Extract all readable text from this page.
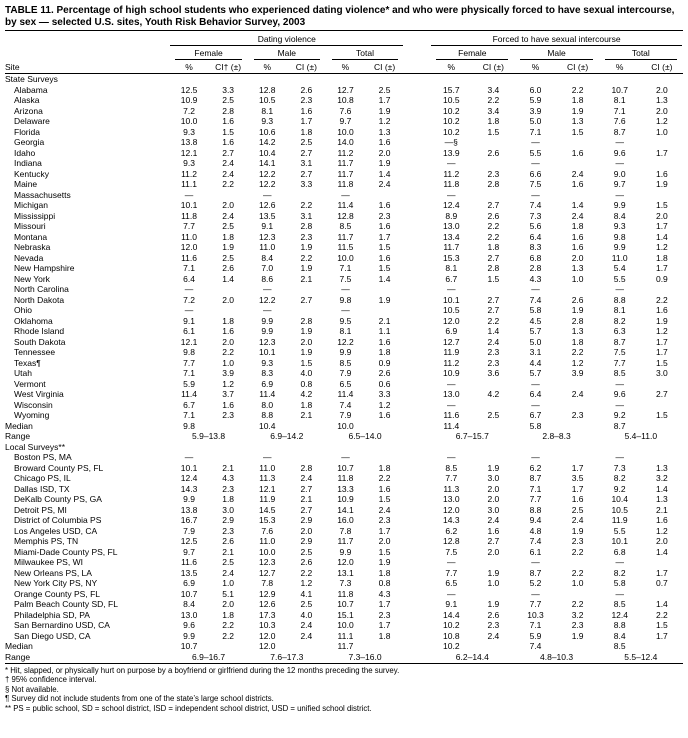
TABLE 11. Percentage of high school students who experienced dating violence* and who were physically forced to have sexual intercourse, by sex — selected U.S. sites, Youth Risk Behavior Survey, 2003
Site	Dating violence							Forced to have sexual intercourse					

	Female		Male		Total			Female		Male		Total	

	%	CI† (±)	%	CI (±)	%	CI (±)		%	CI (±)	%	CI (±)	%	CI (±)
State Surveys													
Alabama	12.5	3.3	12.8	2.6	12.7	2.5		15.7	3.4	6.0	2.2	10.7	2.0
Alaska	10.9	2.5	10.5	2.3	10.8	1.7		10.5	2.2	5.9	1.8	8.1	1.3
Arizona	7.2	2.8	8.1	1.6	7.6	1.9		10.2	3.4	3.9	1.9	7.1	2.0
Delaware	10.0	1.6	9.3	1.7	9.7	1.2		10.2	1.8	5.0	1.3	7.6	1.2
Florida	9.3	1.5	10.6	1.8	10.0	1.3		10.2	1.5	7.1	1.5	8.7	1.0
Georgia	13.8	1.6	14.2	2.5	14.0	1.6		—§		—		—	
Idaho	12.1	2.7	10.4	2.7	11.2	2.0		13.9	2.6	5.5	1.6	9.6	1.7
Indiana	9.3	2.4	14.1	3.1	11.7	1.9		—		—		—	
Kentucky	11.2	2.4	12.2	2.7	11.7	1.4		11.2	2.3	6.6	2.4	9.0	1.6
Maine	11.1	2.2	12.2	3.3	11.8	2.4		11.8	2.8	7.5	1.6	9.7	1.9
Massachusetts	—		—		—			—		—		—	
Michigan	10.1	2.0	12.6	2.2	11.4	1.6		12.4	2.7	7.4	1.4	9.9	1.5
Mississippi	11.8	2.4	13.5	3.1	12.8	2.3		8.9	2.6	7.3	2.4	8.4	2.0
Missouri	7.7	2.5	9.1	2.8	8.5	1.6		13.0	2.2	5.6	1.8	9.3	1.7
Montana	11.0	1.8	12.3	2.3	11.7	1.7		13.4	2.2	6.4	1.6	9.8	1.4
Nebraska	12.0	1.9	11.0	1.9	11.5	1.5		11.7	1.8	8.3	1.6	9.9	1.2
Nevada	11.6	2.5	8.4	2.2	10.0	1.6		15.3	2.7	6.8	2.0	11.0	1.8
New Hampshire	7.1	2.6	7.0	1.9	7.1	1.5		8.1	2.8	2.8	1.3	5.4	1.7
New York	6.4	1.4	8.6	2.1	7.5	1.4		6.7	1.5	4.3	1.0	5.5	0.9
North Carolina	—		—		—			—		—		—	
North Dakota	7.2	2.0	12.2	2.7	9.8	1.9		10.1	2.7	7.4	2.6	8.8	2.2
Ohio	—		—		—			10.5	2.7	5.8	1.9	8.1	1.6
Oklahoma	9.1	1.8	9.9	2.8	9.5	2.1		12.0	2.2	4.5	2.8	8.2	1.9
Rhode Island	6.1	1.6	9.9	1.9	8.1	1.1		6.9	1.4	5.7	1.3	6.3	1.2
South Dakota	12.1	2.0	12.3	2.0	12.2	1.6		12.7	2.4	5.0	1.8	8.7	1.7
Tennessee	9.8	2.2	10.1	1.9	9.9	1.8		11.9	2.3	3.1	2.2	7.5	1.7
Texas¶	7.7	1.0	9.3	1.5	8.5	0.9		11.2	2.3	4.4	1.2	7.7	1.5
Utah	7.1	3.9	8.3	4.0	7.9	2.6		10.9	3.6	5.7	3.9	8.5	3.0
Vermont	5.9	1.2	6.9	0.8	6.5	0.6		—		—		—	
West Virginia	11.4	3.7	11.4	4.2	11.4	3.3		13.0	4.2	6.4	2.4	9.6	2.7
Wisconsin	6.7	1.6	8.0	1.8	7.4	1.2		—		—		—	
Wyoming	7.1	2.3	8.8	2.1	7.9	1.6		11.6	2.5	6.7	2.3	9.2	1.5
Median	9.8		10.4		10.0			11.4		5.8		8.7	
Range	5.9–13.8		6.9–14.2		6.5–14.0			6.7–15.7		2.8–8.3		5.4–11.0	
Local Surveys**													
Boston PS, MA	—		—		—			—		—		—	
Broward County PS, FL	10.1	2.1	11.0	2.8	10.7	1.8		8.5	1.9	6.2	1.7	7.3	1.3
Chicago PS, IL	12.4	4.3	11.3	2.4	11.8	2.2		7.7	3.0	8.7	3.5	8.2	3.2
Dallas ISD, TX	14.3	2.3	12.1	2.7	13.3	1.6		11.3	2.0	7.1	1.7	9.2	1.4
DeKalb County PS, GA	9.9	1.8	11.9	2.1	10.9	1.5		13.0	2.0	7.7	1.6	10.4	1.3
Detroit PS, MI	13.8	3.0	14.5	2.7	14.1	2.4		12.0	3.0	8.8	2.5	10.5	2.1
District of Columbia PS	16.7	2.9	15.3	2.9	16.0	2.3		14.3	2.4	9.4	2.4	11.9	1.6
Los Angeles USD, CA	7.9	2.3	7.6	2.0	7.8	1.7		6.2	1.6	4.8	1.9	5.5	1.2
Memphis PS, TN	12.5	2.6	11.0	2.9	11.7	2.0		12.8	2.7	7.4	2.3	10.1	2.0
Miami-Dade County PS, FL	9.7	2.1	10.0	2.5	9.9	1.5		7.5	2.0	6.1	2.2	6.8	1.4
Milwaukee PS, WI	11.6	2.5	12.3	2.6	12.0	1.9		—		—		—	
New Orleans PS, LA	13.5	2.4	12.7	2.2	13.1	1.8		7.7	1.9	8.7	2.2	8.2	1.7
New York City PS, NY	6.9	1.0	7.8	1.2	7.3	0.8		6.5	1.0	5.2	1.0	5.8	0.7
Orange County PS, FL	10.7	5.1	12.9	4.1	11.8	4.3		—		—		—	
Palm Beach County SD, FL	8.4	2.0	12.6	2.5	10.7	1.7		9.1	1.9	7.7	2.2	8.5	1.4
Philadelphia SD, PA	13.0	1.8	17.3	4.0	15.1	2.3		14.4	2.6	10.3	3.2	12.4	2.2
San Bernardino USD, CA	9.6	2.2	10.3	2.4	10.0	1.7		10.2	2.3	7.1	2.3	8.8	1.5
San Diego USD, CA	9.9	2.2	12.0	2.4	11.1	1.8		10.8	2.4	5.9	1.9	8.4	1.7
Median	10.7		12.0		11.7			10.2		7.4		8.5	
Range	6.9–16.7		7.6–17.3		7.3–16.0			6.2–14.4		4.8–10.3		5.5–12.4	
* Hit, slapped, or physically hurt on purpose by a boyfriend or girlfriend during the 12 months preceding the survey.
† 95% confidence interval.
§ Not available.
¶ Survey did not include students from one of the state’s large school districts.
** PS = public school, SD = school district, ISD = independent school district, USD = unified school district.
